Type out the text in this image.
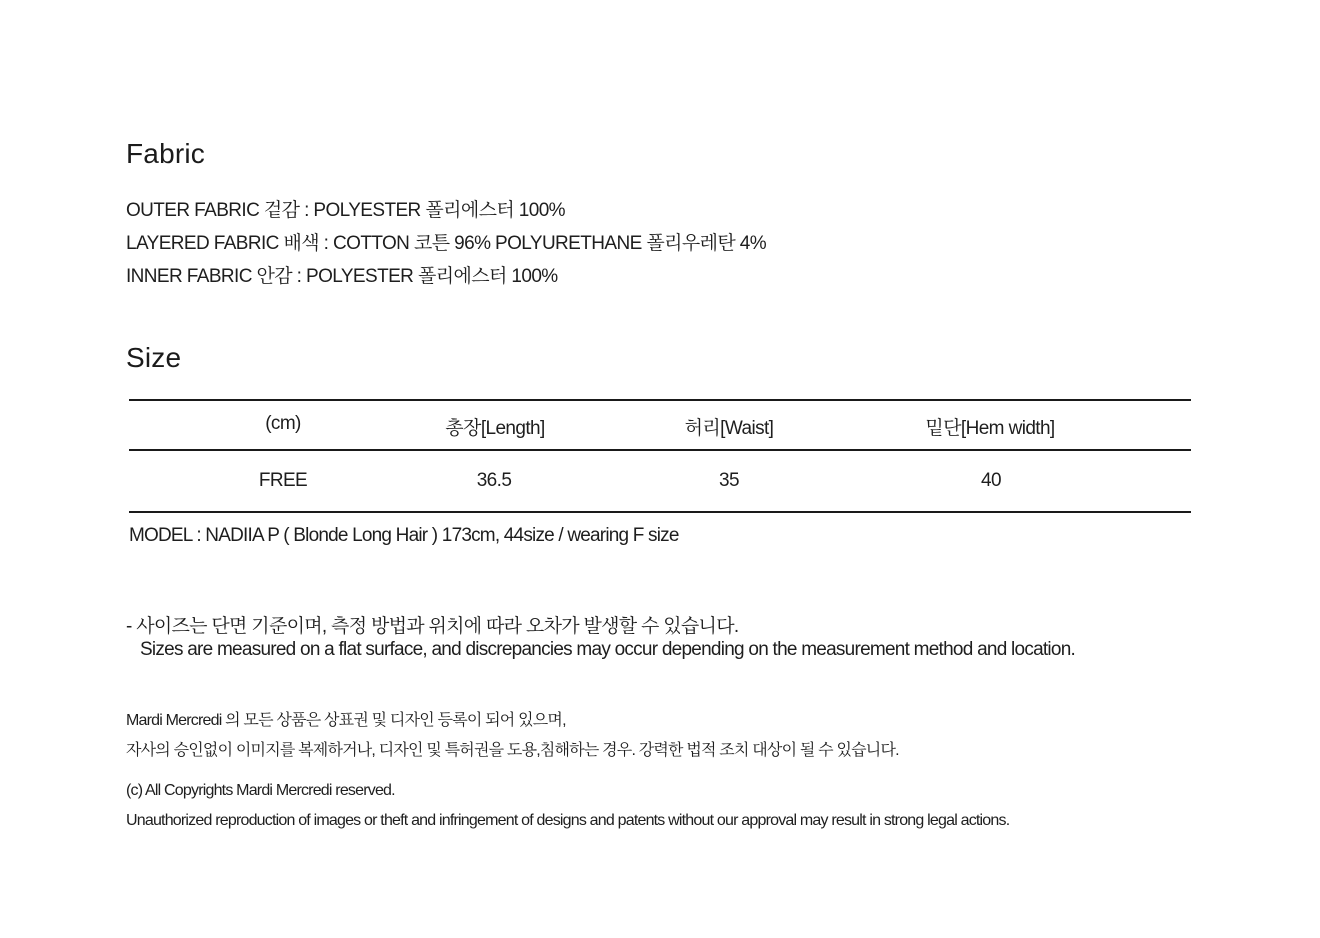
Fabric
OUTER FABRIC 겉감 : POLYESTER 폴리에스터 100%
LAYERED FABRIC 배색 : COTTON 코튼 96% POLYURETHANE 폴리우레탄 4%
INNER FABRIC 안감 : POLYESTER 폴리에스터 100%
Size
(cm)	총장[Length]	허리[Waist]	밑단[Hem width]
FREE	36.5	35	40
MODEL : NADIIA P ( Blonde Long Hair ) 173cm, 44size / wearing F size
- 사이즈는 단면 기준이며, 측정 방법과 위치에 따라 오차가 발생할 수 있습니다.
Sizes are measured on a flat surface, and discrepancies may occur depending on the measurement method and location.
Mardi Mercredi 의 모든 상품은 상표권 및 디자인 등록이 되어 있으며,
자사의 승인없이 이미지를 복제하거나, 디자인 및 특허권을 도용,침해하는 경우. 강력한 법적 조치 대상이 될 수 있습니다.
(c) All Copyrights Mardi Mercredi reserved.
Unauthorized reproduction of images or theft and infringement of designs and patents without our approval may result in strong legal actions.
